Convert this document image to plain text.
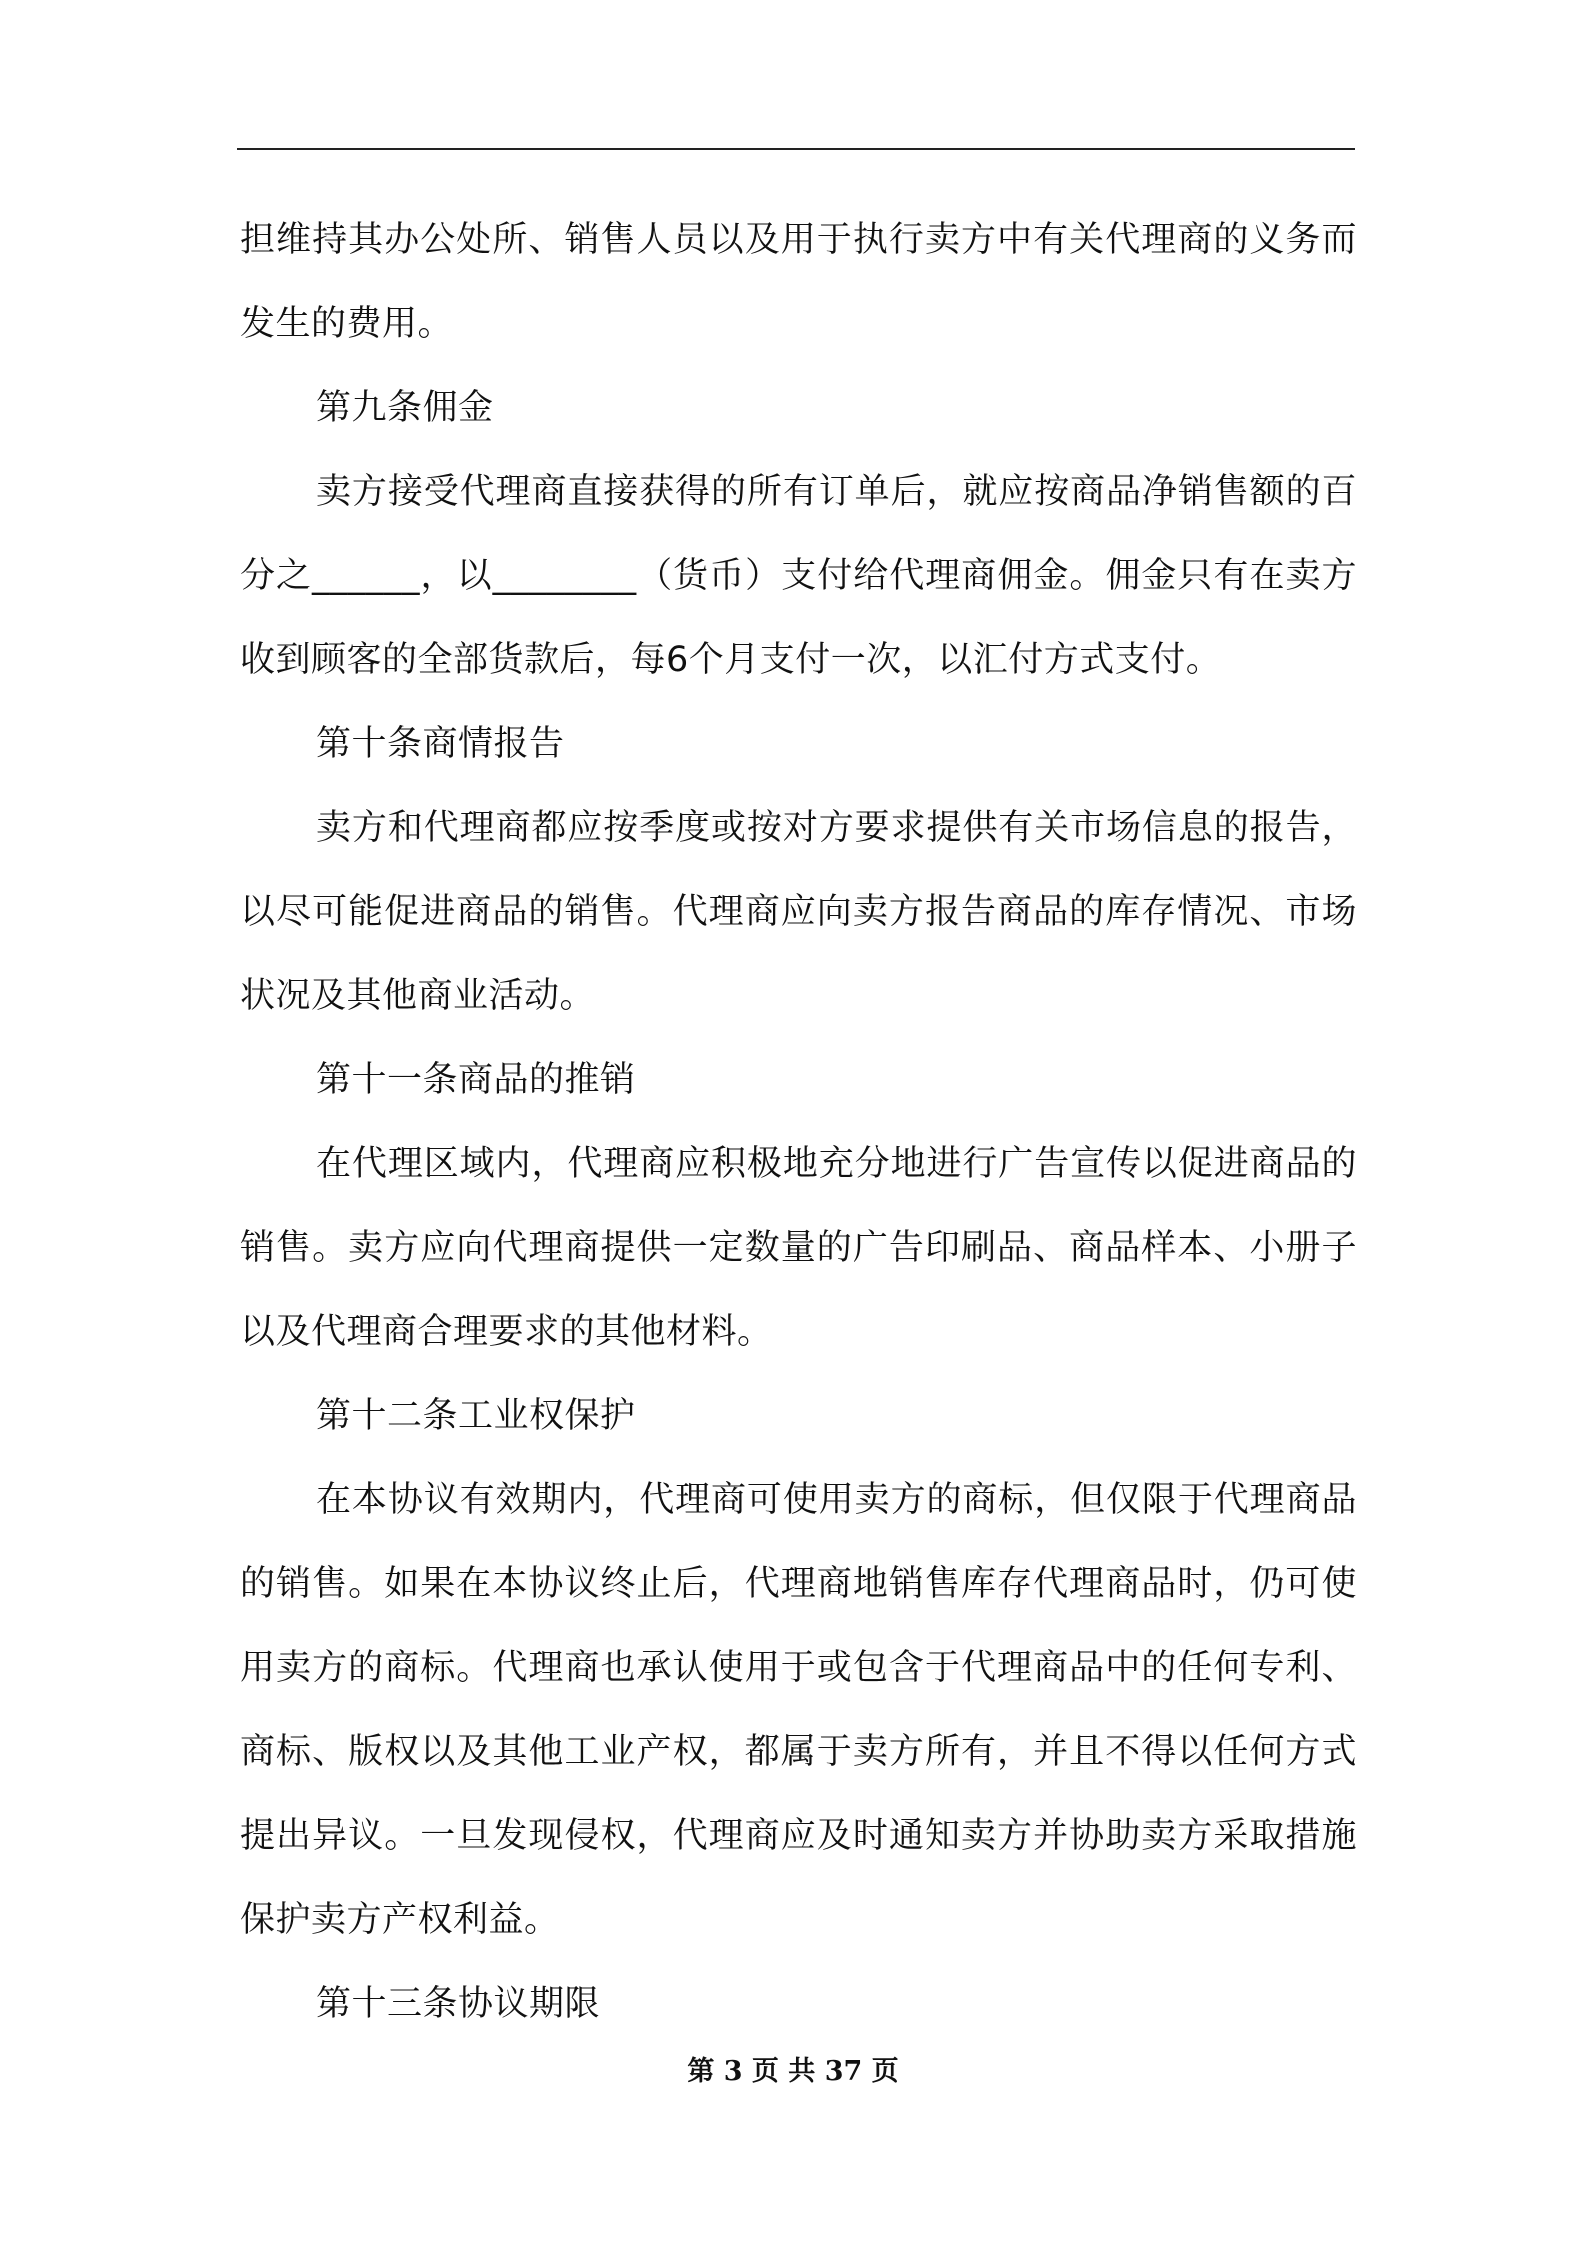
担维持其办公处所、销售人员以及用于执行卖方中有关代理商的义务而发生的费用。

第九条佣金

卖方接受代理商直接获得的所有订单后，就应按商品净销售额的百分之______，以________（货币）支付给代理商佣金。佣金只有在卖方收到顾客的全部货款后，每6个月支付一次，以汇付方式支付。

第十条商情报告

卖方和代理商都应按季度或按对方要求提供有关市场信息的报告，以尽可能促进商品的销售。代理商应向卖方报告商品的库存情况、市场状况及其他商业活动。

第十一条商品的推销

在代理区域内，代理商应积极地充分地进行广告宣传以促进商品的销售。卖方应向代理商提供一定数量的广告印刷品、商品样本、小册子以及代理商合理要求的其他材料。

第十二条工业权保护

在本协议有效期内，代理商可使用卖方的商标，但仅限于代理商品的销售。如果在本协议终止后，代理商地销售库存代理商品时，仍可使用卖方的商标。代理商也承认使用于或包含于代理商品中的任何专利、商标、版权以及其他工业产权，都属于卖方所有，并且不得以任何方式提出异议。一旦发现侵权，代理商应及时通知卖方并协助卖方采取措施保护卖方产权利益。

第十三条协议期限

第 3 页 共 37 页
